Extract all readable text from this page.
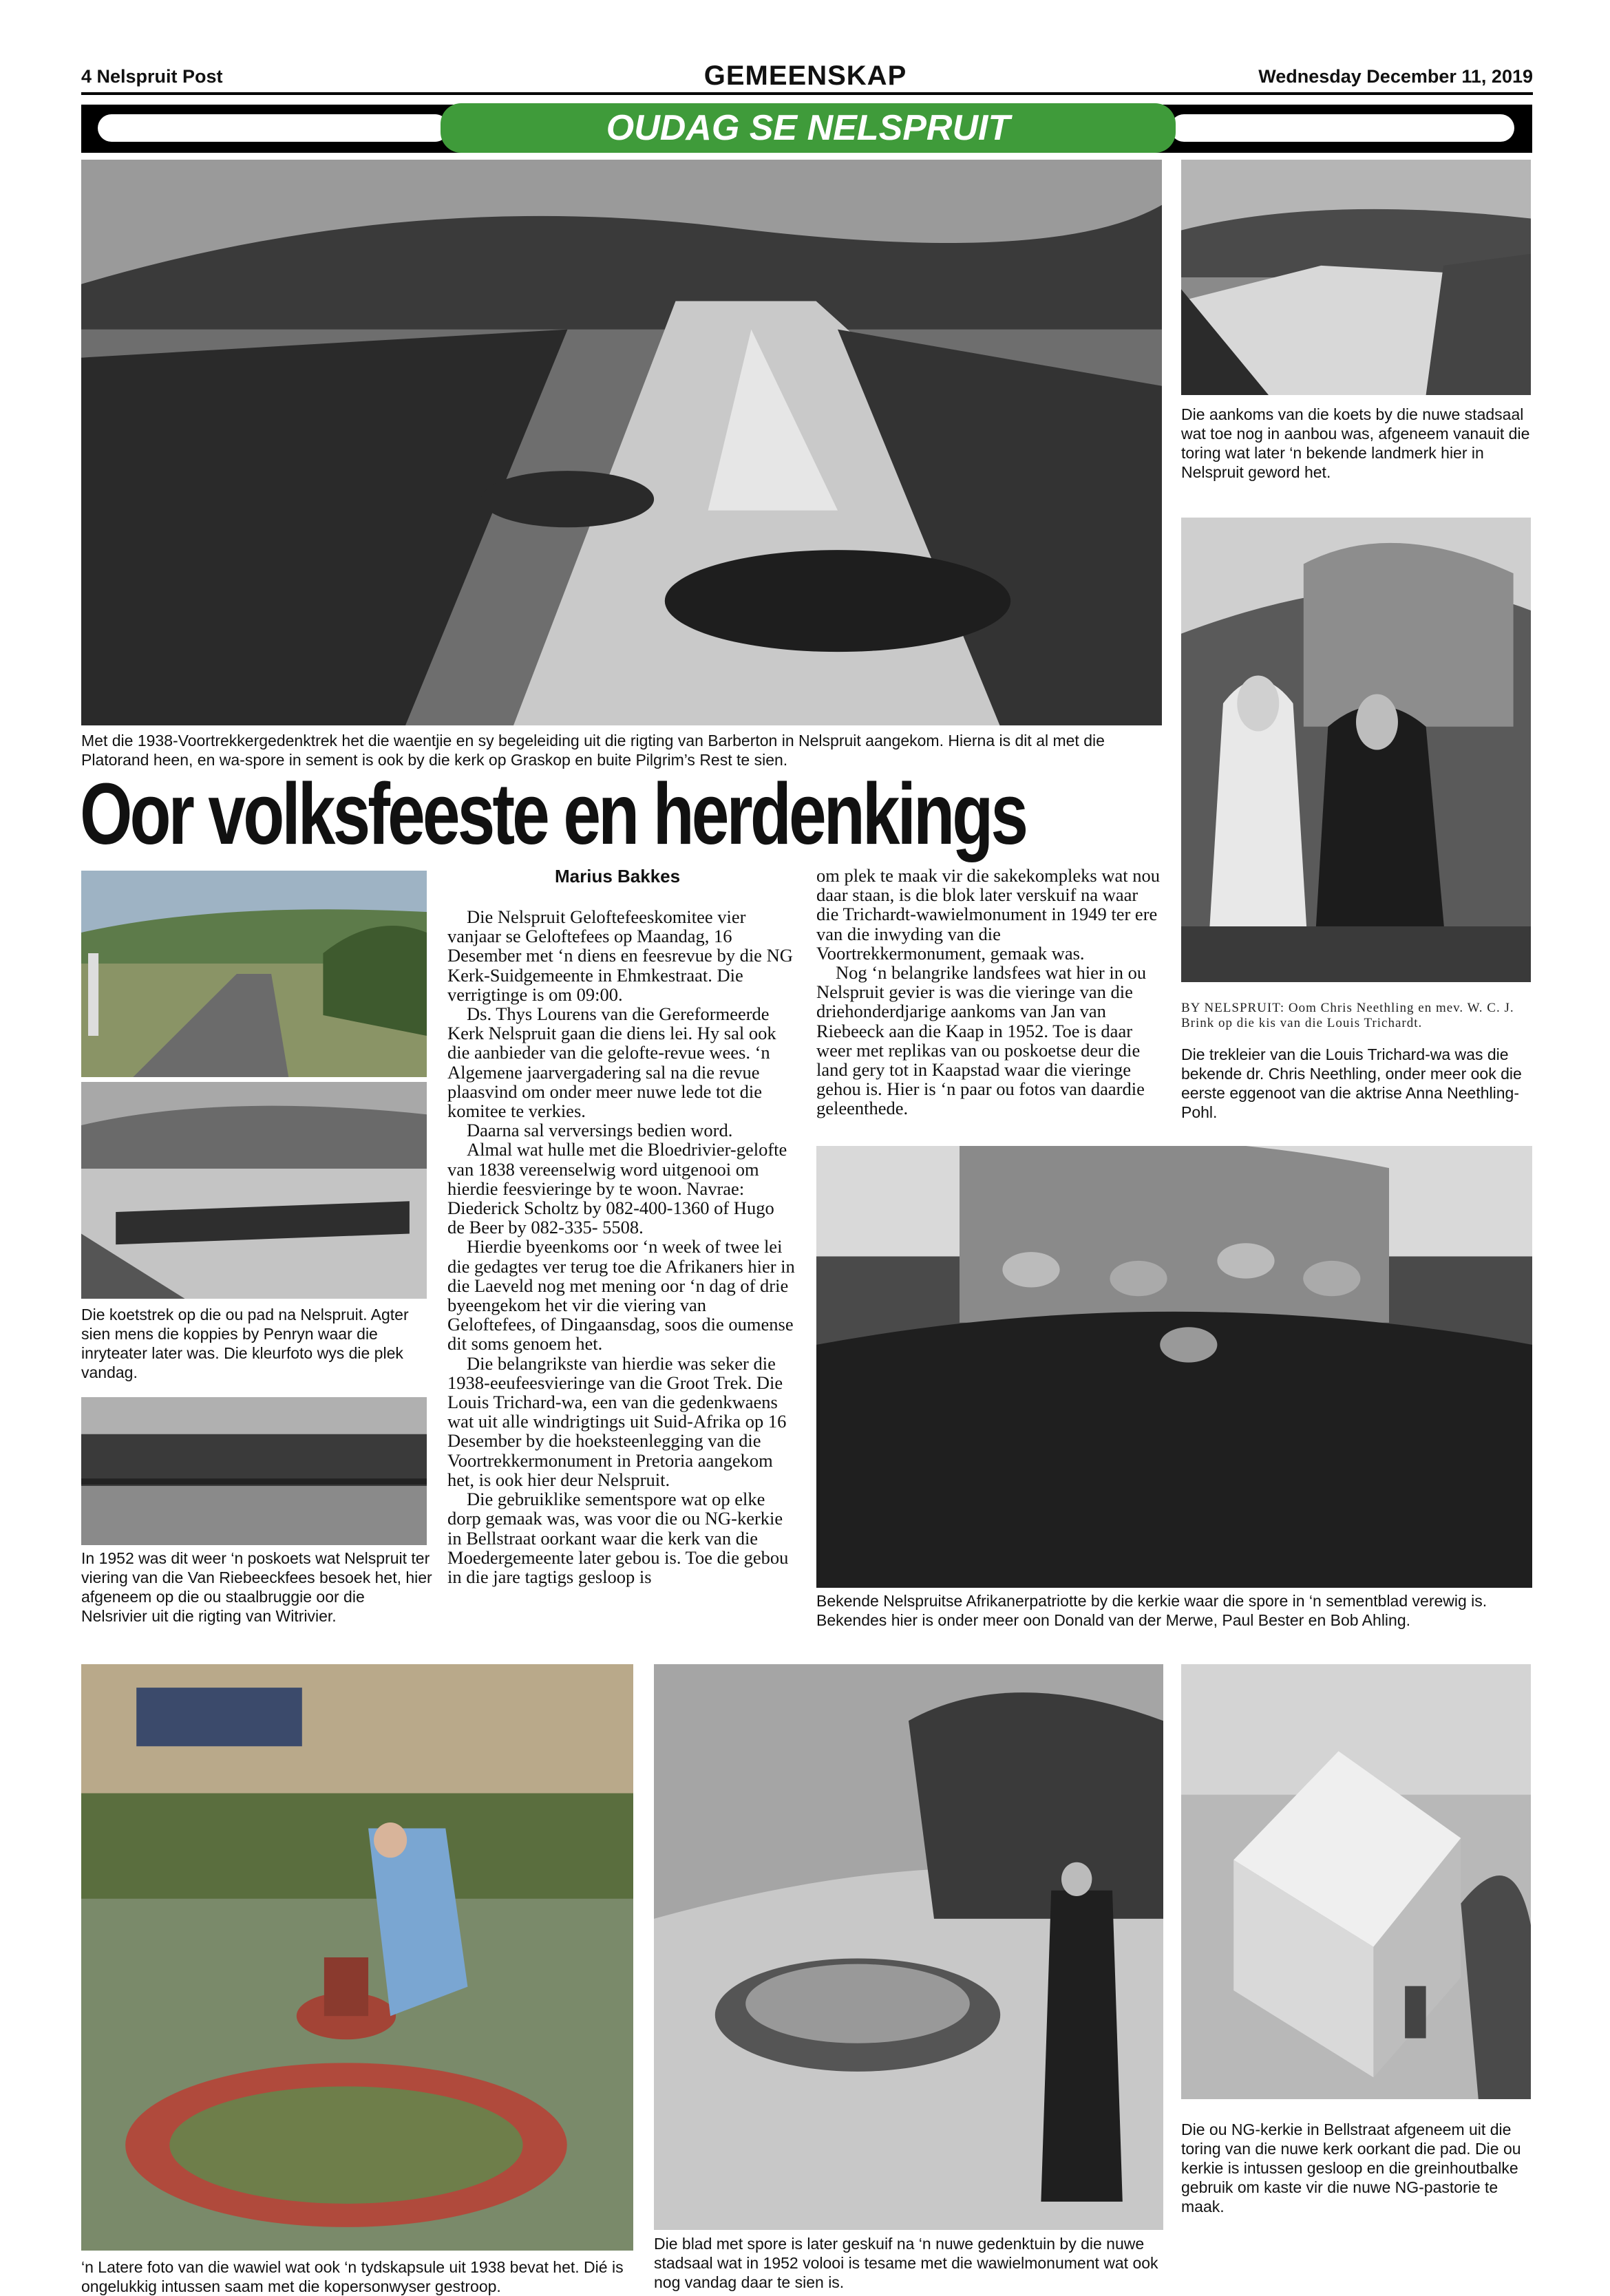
4 Nelspruit Post	GEMEENSKAP	Wednesday December 11, 2019
OUDAG SE NELSPRUIT
Met die 1938-Voortrekkergedenktrek het die waentjie en sy begeleiding uit die rigting van Barberton in Nelspruit aangekom. Hierna is dit al met die Platorand heen, en wa-spore in sement is ook by die kerk op Graskop en buite Pilgrim’s Rest te sien.
Die aankoms van die koets by die nuwe stadsaal wat toe nog in aanbou was, afgeneem vanauit die toring wat later ‘n bekende landmerk hier in Nelspruit geword het.
BY NELSPRUIT: Oom Chris Neethling en mev. W. C. J. Brink op die kis van die Louis Trichardt.
Die trekleier van die Louis Trichard-wa was die bekende dr. Chris Neethling, onder meer ook die eerste eggenoot van die aktrise Anna Neethling-Pohl.
Oor volksfeeste en herdenkings
Marius Bakkes
Die koetstrek op die ou pad na Nelspruit. Agter sien mens die koppies by Penryn waar die inryteater later was. Die kleurfoto wys die plek vandag.
In 1952 was dit weer ‘n poskoets wat Nelspruit ter viering van die Van Riebeeckfees besoek het, hier afgeneem op die ou staalbruggie oor die Nelsrivier uit die rigting van Witrivier.

Die Nelspruit Geloftefeeskomitee vier vanjaar se Geloftefees op Maandag, 16 Desember met ‘n diens en feesrevue by die NG Kerk-Suidgemeente in Ehmkestraat. Die verrigtinge is om 09:00.

Ds. Thys Lourens van die Gereformeerde Kerk Nelspruit gaan die diens lei. Hy sal ook die aanbieder van die gelofte-revue wees. ‘n Algemene jaarvergadering sal na die revue plaasvind om onder meer nuwe lede tot die komitee te verkies.

Daarna sal verversings bedien word.

Almal wat hulle met die Bloedrivier-gelofte van 1838 vereenselwig word uitgenooi om hierdie feesvieringe by te woon. Navrae: Diederick Scholtz by 082-400-1360 of Hugo de Beer by 082-335- 5508.

Hierdie byeenkoms oor ‘n week of twee lei die gedagtes ver terug toe die Afrikaners hier in die Laeveld nog met mening oor ‘n dag of drie byeengekom het vir die viering van Geloftefees, of Dingaansdag, soos die oumense dit soms genoem het.

Die belangrikste van hierdie was seker die 1938-eeufeesvieringe van die Groot Trek. Die Louis Trichard-wa, een van die gedenkwaens wat uit alle windrigtings uit Suid-Afrika op 16 Desember by die hoeksteenlegging van die Voortrekkermonument in Pretoria aangekom het, is ook hier deur Nelspruit.

Die gebruiklike sementspore wat op elke dorp gemaak was, was voor die ou NG-kerkie in Bellstraat oorkant waar die kerk van die Moedergemeente later gebou is. Toe die gebou in die jare tagtigs gesloop is

om plek te maak vir die sakekompleks wat nou daar staan, is die blok later verskuif na waar die Trichardt-wawielmonument in 1949 ter ere van die inwyding van die Voortrekkermonument, gemaak was.

Nog ‘n belangrike landsfees wat hier in ou Nelspruit gevier is was die vieringe van die driehonderdjarige aankoms van Jan van Riebeeck aan die Kaap in 1952. Toe is daar weer met replikas van ou poskoetse deur die land gery tot in Kaapstad waar die vieringe gehou is. Hier is ‘n paar ou fotos van daardie geleenthede.

Bekende Nelspruitse Afrikanerpatriotte by die kerkie waar die spore in ‘n sementblad verewig is. Bekendes hier is onder meer oon Donald van der Merwe, Paul Bester en Bob Ahling.
‘n Latere foto van die wawiel wat ook ‘n tydskapsule uit 1938 bevat het. Dié is ongelukkig intussen saam met die kopersonwyser gestroop.
Die blad met spore is later geskuif na ‘n nuwe gedenktuin by die nuwe stadsaal wat in 1952 volooi is tesame met die wawielmonument wat ook nog vandag daar te sien is.
Die ou NG-kerkie in Bellstraat afgeneem uit die toring van die nuwe kerk oorkant die pad. Die ou kerkie is intussen gesloop en die greinhoutbalke gebruik om kaste vir die nuwe NG-pastorie te maak.
